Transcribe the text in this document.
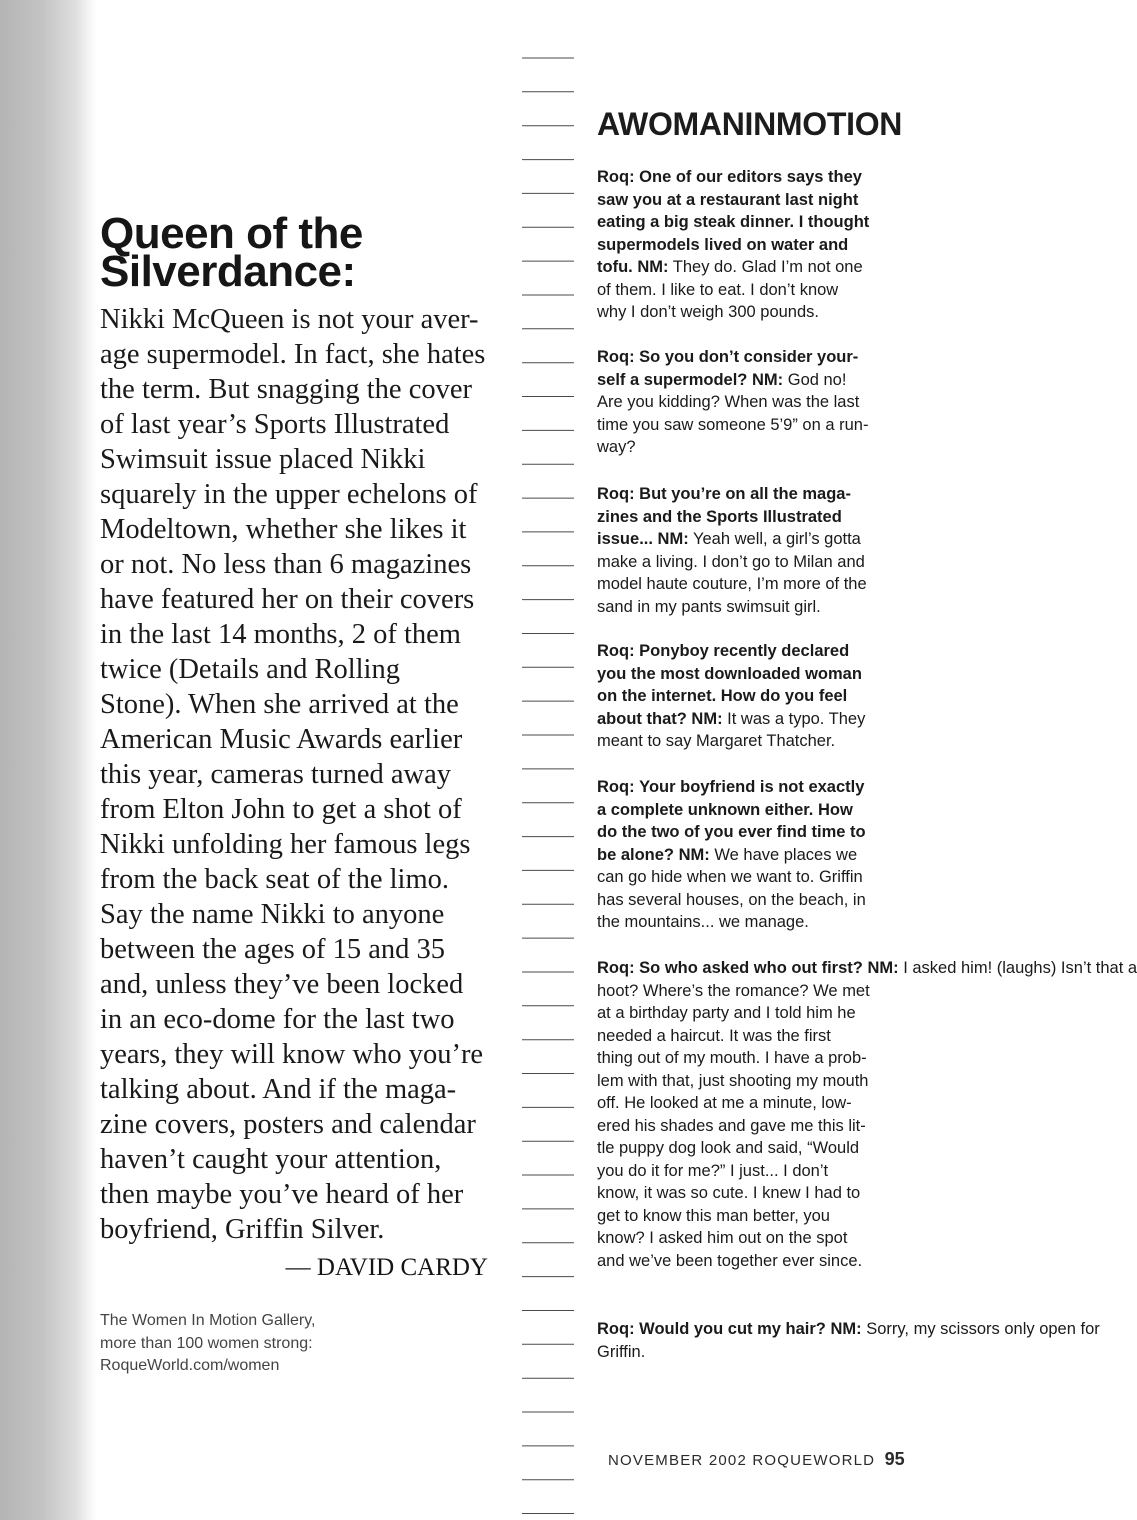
Queen of the
Silverdance:
Nikki McQueen is not your aver-
age supermodel. In fact, she hates
the term. But snagging the cover
of last year’s Sports Illustrated
Swimsuit issue placed Nikki
squarely in the upper echelons of
Modeltown, whether she likes it
or not. No less than 6 magazines
have featured her on their covers
in the last 14 months, 2 of them
twice (Details and Rolling
Stone). When she arrived at the
American Music Awards earlier
this year, cameras turned away
from Elton John to get a shot of
Nikki unfolding her famous legs
from the back seat of the limo.
Say the name Nikki to anyone
between the ages of 15 and 35
and, unless they’ve been locked
in an eco-dome for the last two
years, they will know who you’re
talking about. And if the maga-
zine covers, posters and calendar
haven’t caught your attention,
then maybe you’ve heard of her
boyfriend, Griffin Silver.
— DAVID CARDY
The Women In Motion Gallery,
more than 100 women strong:
RoqueWorld.com/women
AWOMANINMOTION
Roq: One of our editors says they
saw you at a restaurant last night
eating a big steak dinner. I thought
supermodels lived on water and
tofu. NM: They do. Glad I’m not one
of them. I like to eat. I don’t know
why I don’t weigh 300 pounds.
Roq: So you don’t consider your-
self a supermodel? NM: God no!
Are you kidding? When was the last
time you saw someone 5’9” on a run-
way?
Roq: But you’re on all the maga-
zines and the Sports Illustrated
issue... NM: Yeah well, a girl’s gotta
make a living. I don’t go to Milan and
model haute couture, I’m more of the
sand in my pants swimsuit girl.
Roq: Ponyboy recently declared
you the most downloaded woman
on the internet. How do you feel
about that? NM: It was a typo. They
meant to say Margaret Thatcher.
Roq: Your boyfriend is not exactly
a complete unknown either. How
do the two of you ever find time to
be alone? NM: We have places we
can go hide when we want to. Griffin
has several houses, on the beach, in
the mountains... we manage.
Roq: So who asked who out first? NM: I asked him! (laughs) Isn’t that a
hoot? Where’s the romance? We met
at a birthday party and I told him he
needed a haircut. It was the first
thing out of my mouth. I have a prob-
lem with that, just shooting my mouth
off. He looked at me a minute, low-
ered his shades and gave me this lit-
tle puppy dog look and said, “Would
you do it for me?” I just... I don’t
know, it was so cute. I knew I had to
get to know this man better, you
know? I asked him out on the spot
and we’ve been together ever since.
Roq: Would you cut my hair? NM: Sorry, my scissors only open for
Griffin.
NOVEMBER 2002 ROQUEWORLD 95
